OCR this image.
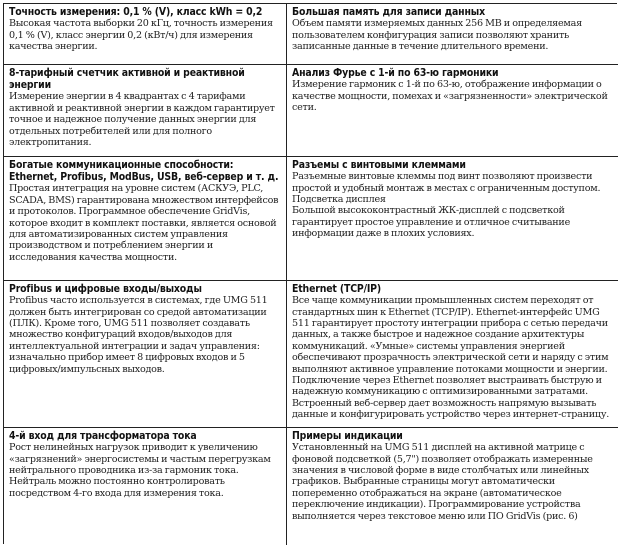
Точность измерения: 0,1 % (V), класс kWh = 0,2
Высокая частота выборки 20 кГц, точность измерения 0,1 % (V), класс энергии 0,2 (кВт/ч) для измерения качества энергии.
Большая память для записи данных
Объем памяти измеряемых данных 256 MB и определяемая пользователем конфигурация записи позволяют хранить записанные данные в течение длительного времени.
8-тарифный счетчик активной и реактивной энергии
Измерение энергии в 4 квадрантах с 4 тарифами активной и реактивной энергии в каждом гарантирует точное и надежное получение данных энергии для отдельных потребителей или для полного электропитания.
Анализ Фурье с 1-й по 63-ю гармоники
Измерение гармоник с 1-й по 63-ю, отображение информации о качестве мощности, помехах и «загрязненности» электрической сети.
Богатые коммуникационные способности: Ethernet, Profibus, ModBus, USB, веб-сервер и т. д.
Простая интеграция на уровне систем (АСКУЭ, PLC, SCADA, BMS) гарантирована множеством интерфейсов и протоколов. Программное обеспечение GridVis, которое входит в комплект поставки, является основой для автоматизированных систем управления производством и потреблением энергии и исследования качества мощности.
Разъемы с винтовыми клеммами
Разъемные винтовые клеммы под винт позволяют произвести простой и удобный монтаж в местах с ограниченным доступом.
Подсветка дисплея
Большой высококонтрастный ЖК-дисплей с подсветкой гарантирует простое управление и отличное считывание информации даже в плохих условиях.
Profibus и цифровые входы/выходы
Profibus часто используется в системах, где UMG 511 должен быть интегрирован со средой автоматизации (ПЛК). Кроме того, UMG 511 позволяет создавать множество конфигураций входов/выходов для интеллектуальной интеграции и задач управления: изначально прибор имеет 8 цифровых входов и 5 цифровых/импульсных выходов.
Ethernet (TCP/IP)
Все чаще коммуникации промышленных систем переходят от стандартных шин к Ethernet (TCP/IP). Ethernet-интерфейс UMG 511 гарантирует простоту интеграции прибора с сетью передачи данных, а также быстрое и надежное создание архитектуры коммуникаций. «Умные» системы управления энергией обеспечивают прозрачность электрической сети и наряду с этим выполняют активное управление потоками мощности и энергии. Подключение через Ethernet позволяет выстраивать быструю и надежную коммуникацию с оптимизированными затратами. Встроенный веб-сервер дает возможность напрямую вызывать данные и конфигурировать устройство через интернет-страницу.
4-й вход для трансформатора тока
Рост нелинейных нагрузок приводит к увеличению «загрязнений» энергосистемы и частым перегрузкам нейтрального проводника из-за гармоник тока. Нейтраль можно постоянно контролировать посредством 4-го входа для измерения тока.
Примеры индикации
Установленный на UMG 511 дисплей на активной матрице с фоновой подсветкой (5,7") позволяет отображать измеренные значения в числовой форме в виде столбчатых или линейных графиков. Выбранные страницы могут автоматически попеременно отображаться на экране (автоматическое переключение индикации). Программирование устройства выполняется через текстовое меню или ПО GridVis (рис. 6)
